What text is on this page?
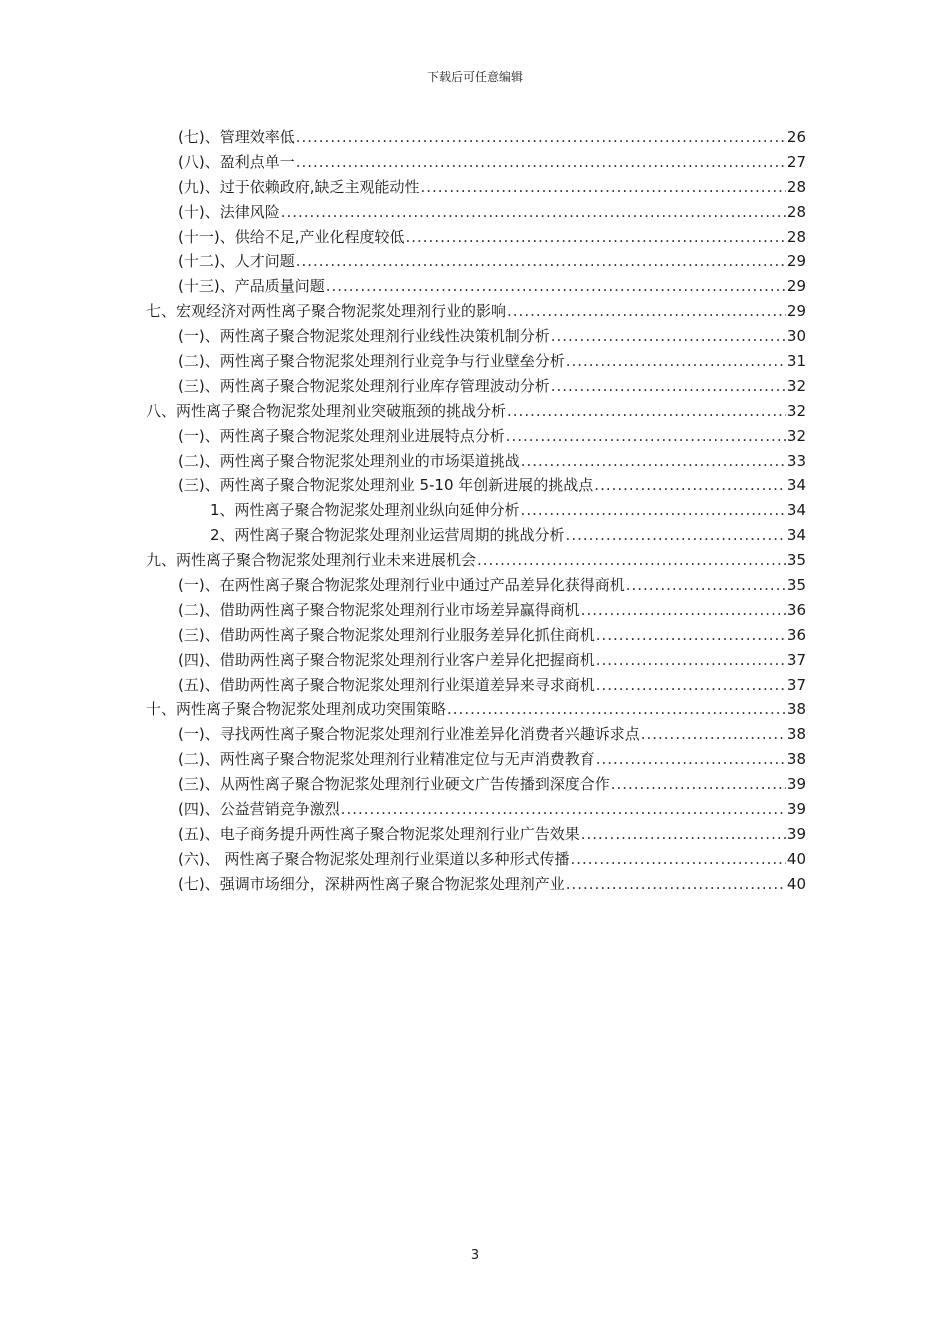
下载后可任意编辑
(七)、管理效率低 .....	26
(八)、盈利点单一 .....	27
(九)、过于依赖政府,缺乏主观能动性 .....	28
(十)、法律风险 .....	28
(十一)、供给不足,产业化程度较低 .....	28
(十二)、人才问题 .....	29
(十三)、产品质量问题 .....	29
七、宏观经济对两性离子聚合物泥浆处理剂行业的影响 .....	29
(一)、两性离子聚合物泥浆处理剂行业线性决策机制分析 .....	30
(二)、两性离子聚合物泥浆处理剂行业竞争与行业壁垒分析 .....	31
(三)、两性离子聚合物泥浆处理剂行业库存管理波动分析 .....	32
八、两性离子聚合物泥浆处理剂业突破瓶颈的挑战分析 .....	32
(一)、两性离子聚合物泥浆处理剂业进展特点分析 .....	32
(二)、两性离子聚合物泥浆处理剂业的市场渠道挑战 .....	33
(三)、两性离子聚合物泥浆处理剂业 5-10 年创新进展的挑战点 .....	34
1、两性离子聚合物泥浆处理剂业纵向延伸分析 .....	34
2、两性离子聚合物泥浆处理剂业运营周期的挑战分析 .....	34
九、两性离子聚合物泥浆处理剂行业未来进展机会 .....	35
(一)、在两性离子聚合物泥浆处理剂行业中通过产品差异化获得商机 .....	35
(二)、借助两性离子聚合物泥浆处理剂行业市场差异赢得商机 .....	36
(三)、借助两性离子聚合物泥浆处理剂行业服务差异化抓住商机 .....	36
(四)、借助两性离子聚合物泥浆处理剂行业客户差异化把握商机 .....	37
(五)、借助两性离子聚合物泥浆处理剂行业渠道差异来寻求商机 .....	37
十、两性离子聚合物泥浆处理剂成功突围策略 .....	38
(一)、寻找两性离子聚合物泥浆处理剂行业准差异化消费者兴趣诉求点 .....	38
(二)、两性离子聚合物泥浆处理剂行业精准定位与无声消费教育 .....	38
(三)、从两性离子聚合物泥浆处理剂行业硬文广告传播到深度合作 .....	39
(四)、公益营销竞争激烈 .....	39
(五)、电子商务提升两性离子聚合物泥浆处理剂行业广告效果 .....	39
(六)、 两性离子聚合物泥浆处理剂行业渠道以多种形式传播 .....	40
(七)、强调市场细分，深耕两性离子聚合物泥浆处理剂产业 .....	40
3
